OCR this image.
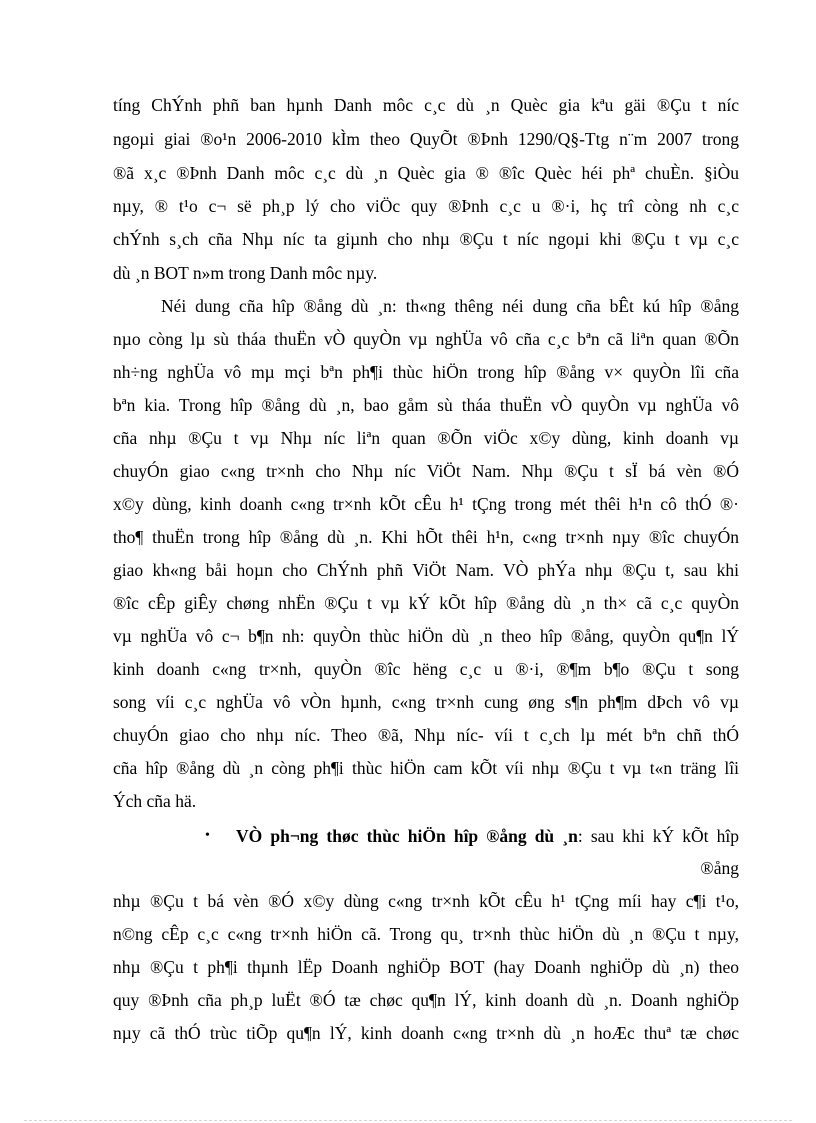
tíng ChÝnh phñ ban hµnh Danh môc c¸c dù ¸n Quèc gia kªu gäi ®Çu t níc
ngoµi giai ®o¹n 2006-2010 kÌm theo QuyÕt ®Þnh 1290/Q§-Ttg n¨m 2007 trong
®ã x¸c ®Þnh Danh môc c¸c dù ¸n Quèc gia ® ®îc Quèc héi phª chuÈn. §iÒu
nµy, ® t¹o c¬ së ph¸p lý cho viÖc quy ®Þnh c¸c u ®·i, hç trî còng nh c¸c
chÝnh s¸ch cña Nhµ níc ta giµnh cho nhµ ®Çu t níc ngoµi khi ®Çu t vµ c¸c
dù ¸n BOT n»m trong Danh môc nµy.
Néi dung cña hîp ®ång dù ¸n: th«ng thêng néi dung cña bÊt kú hîp ®ång
nµo còng lµ sù tháa thuËn vÒ quyÒn vµ nghÜa vô cña c¸c bªn cã liªn quan ®Õn
nh÷ng nghÜa vô mµ mçi bªn ph¶i thùc hiÖn trong hîp ®ång v× quyÒn lîi cña
bªn kia. Trong hîp ®ång dù ¸n, bao gåm sù tháa thuËn vÒ quyÒn vµ nghÜa vô
cña nhµ ®Çu t vµ Nhµ níc liªn quan ®Õn viÖc x©y dùng, kinh doanh vµ
chuyÓn giao c«ng tr×nh cho Nhµ níc ViÖt Nam. Nhµ ®Çu t sÏ bá vèn ®Ó
x©y dùng, kinh doanh c«ng tr×nh kÕt cÊu h¹ tÇng trong mét thêi h¹n cô thÓ ®·
tho¶ thuËn trong hîp ®ång dù ¸n. Khi hÕt thêi h¹n, c«ng tr×nh nµy ®îc chuyÓn
giao kh«ng båi hoµn cho ChÝnh phñ ViÖt Nam. VÒ phÝa nhµ ®Çu t, sau khi
®îc cÊp giÊy chøng nhËn ®Çu t vµ kÝ kÕt hîp ®ång dù ¸n th× cã c¸c quyÒn
vµ nghÜa vô c¬ b¶n nh: quyÒn thùc hiÖn dù ¸n theo hîp ®ång, quyÒn qu¶n lÝ
kinh doanh c«ng tr×nh, quyÒn ®îc hëng c¸c u ®·i, ®¶m b¶o ®Çu t song
song víi c¸c nghÜa vô vÒn hµnh, c«ng tr×nh cung øng s¶n ph¶m dÞch vô vµ
chuyÓn giao cho nhµ níc. Theo ®ã, Nhµ níc- víi t c¸ch lµ mét bªn chñ thÓ
cña hîp ®ång dù ¸n còng ph¶i thùc hiÖn cam kÕt víi nhµ ®Çu t vµ t«n träng lîi
Ých cña hä.
• VÒ ph¬ng thøc thùc hiÖn hîp ®ång dù ¸n: sau khi kÝ kÕt hîp
®ång
nhµ ®Çu t bá vèn ®Ó x©y dùng c«ng tr×nh kÕt cÊu h¹ tÇng míi hay c¶i t¹o,
n©ng cÊp c¸c c«ng tr×nh hiÖn cã. Trong qu¸ tr×nh thùc hiÖn dù ¸n ®Çu t nµy,
nhµ ®Çu t ph¶i thµnh lËp Doanh nghiÖp BOT (hay Doanh nghiÖp dù ¸n) theo
quy ®Þnh cña ph¸p luËt ®Ó tæ chøc qu¶n lÝ, kinh doanh dù ¸n. Doanh nghiÖp
nµy cã thÓ trùc tiÕp qu¶n lÝ, kinh doanh c«ng tr×nh dù ¸n hoÆc thuª tæ chøc
